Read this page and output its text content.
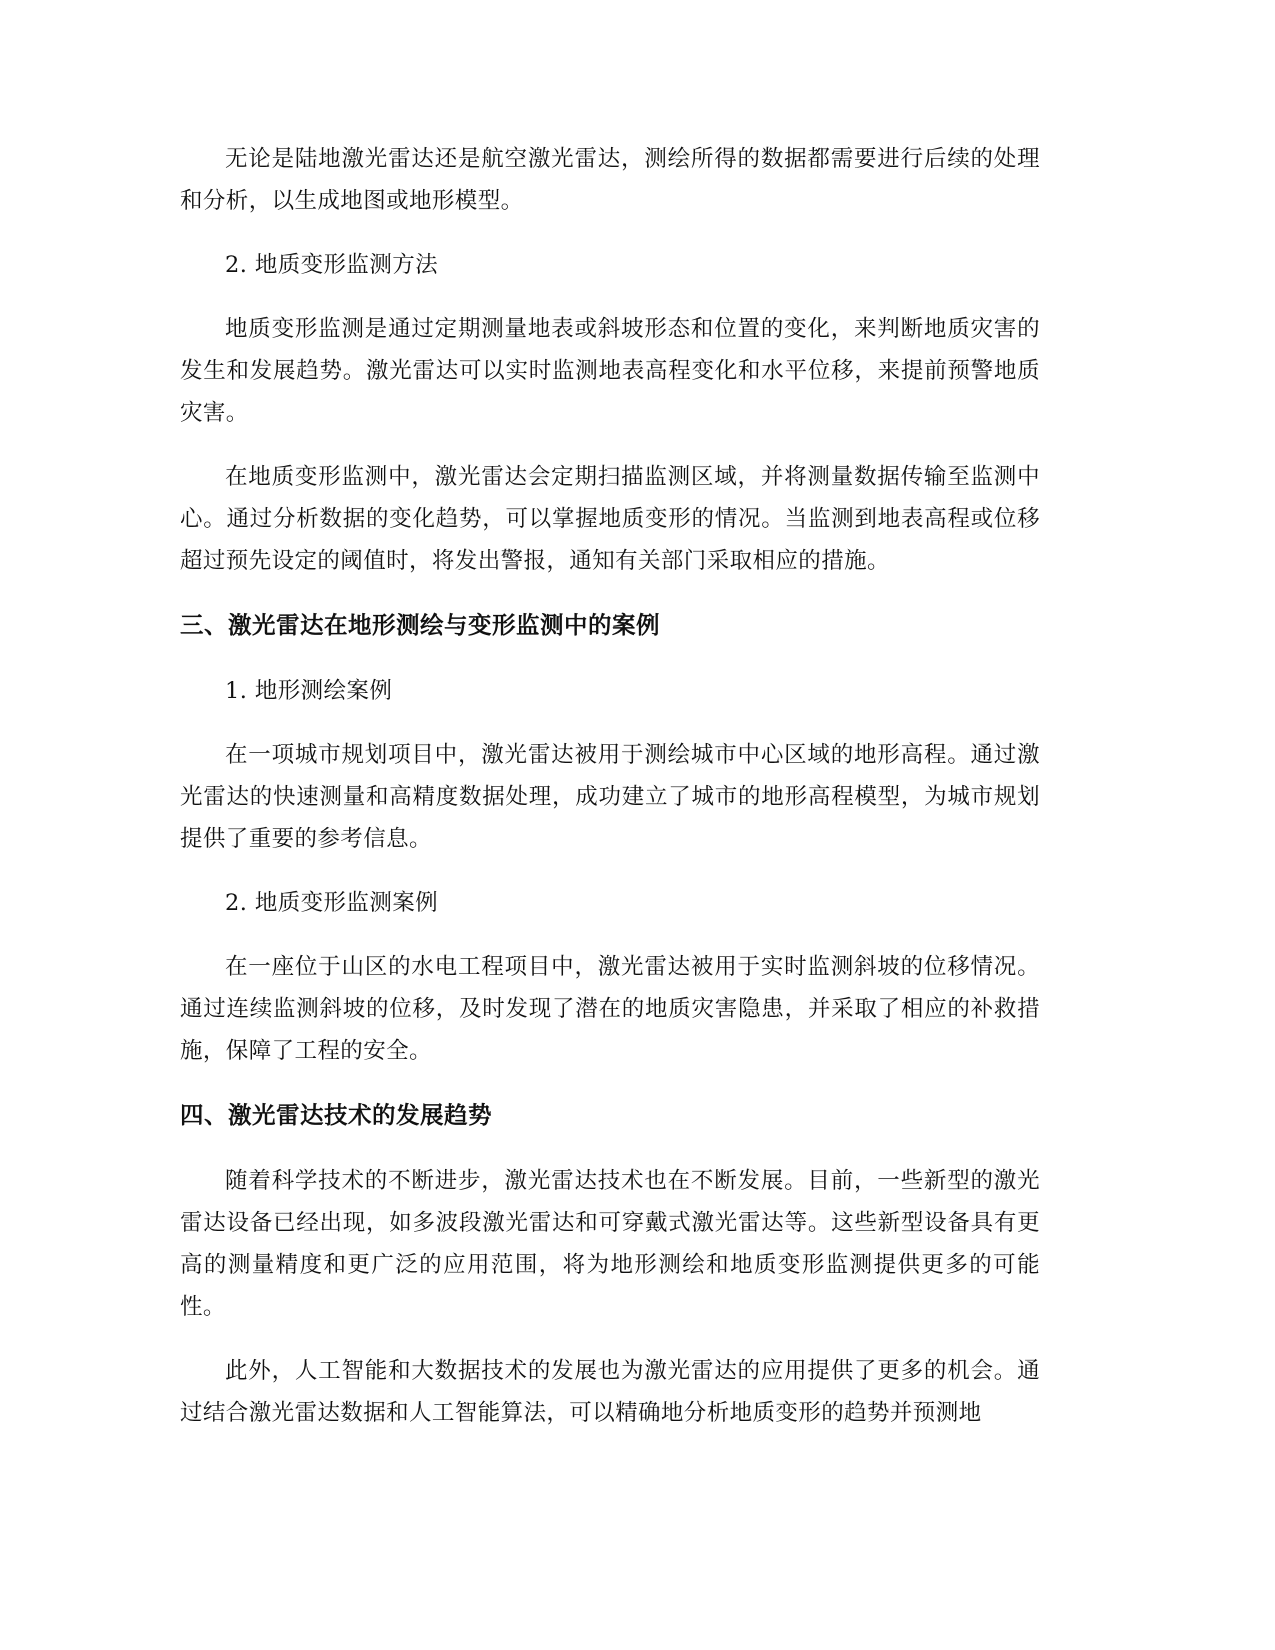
无论是陆地激光雷达还是航空激光雷达，测绘所得的数据都需要进行后续的处理和分析，以生成地图或地形模型。

2. 地质变形监测方法

地质变形监测是通过定期测量地表或斜坡形态和位置的变化，来判断地质灾害的发生和发展趋势。激光雷达可以实时监测地表高程变化和水平位移，来提前预警地质灾害。

在地质变形监测中，激光雷达会定期扫描监测区域，并将测量数据传输至监测中心。通过分析数据的变化趋势，可以掌握地质变形的情况。当监测到地表高程或位移超过预先设定的阈值时，将发出警报，通知有关部门采取相应的措施。

三、激光雷达在地形测绘与变形监测中的案例

1. 地形测绘案例

在一项城市规划项目中，激光雷达被用于测绘城市中心区域的地形高程。通过激光雷达的快速测量和高精度数据处理，成功建立了城市的地形高程模型，为城市规划提供了重要的参考信息。

2. 地质变形监测案例

在一座位于山区的水电工程项目中，激光雷达被用于实时监测斜坡的位移情况。通过连续监测斜坡的位移，及时发现了潜在的地质灾害隐患，并采取了相应的补救措施，保障了工程的安全。

四、激光雷达技术的发展趋势

随着科学技术的不断进步，激光雷达技术也在不断发展。目前，一些新型的激光雷达设备已经出现，如多波段激光雷达和可穿戴式激光雷达等。这些新型设备具有更高的测量精度和更广泛的应用范围，将为地形测绘和地质变形监测提供更多的可能性。

此外，人工智能和大数据技术的发展也为激光雷达的应用提供了更多的机会。通过结合激光雷达数据和人工智能算法，可以精确地分析地质变形的趋势并预测地
